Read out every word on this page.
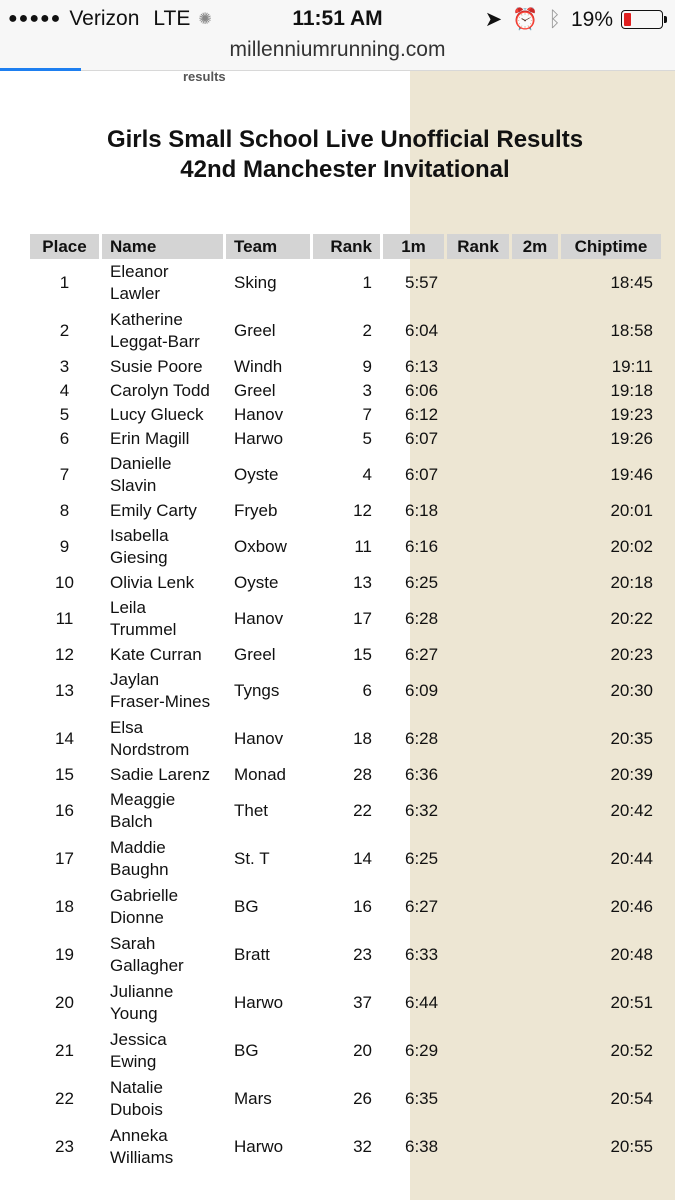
●●●●● Verizon LTE ✺	11:51 AM	➤ ⏰ ᛒ 19%
millenniumrunning.com
results
Girls Small School Live Unofficial Results
42nd Manchester Invitational
Place	Name	Team	Rank	1m	Rank	2m	Chiptime
1	Eleanor
Lawler	Sking	1	5:57			18:45
2	Katherine
Leggat-Barr	Greel	2	6:04			18:58
3	Susie Poore	Windh	9	6:13			19:11
4	Carolyn Todd	Greel	3	6:06			19:18
5	Lucy Glueck	Hanov	7	6:12			19:23
6	Erin Magill	Harwo	5	6:07			19:26
7	Danielle
Slavin	Oyste	4	6:07			19:46
8	Emily Carty	Fryeb	12	6:18			20:01
9	Isabella
Giesing	Oxbow	11	6:16			20:02
10	Olivia Lenk	Oyste	13	6:25			20:18
11	Leila
Trummel	Hanov	17	6:28			20:22
12	Kate Curran	Greel	15	6:27			20:23
13	Jaylan
Fraser-Mines	Tyngs	6	6:09			20:30
14	Elsa
Nordstrom	Hanov	18	6:28			20:35
15	Sadie Larenz	Monad	28	6:36			20:39
16	Meaggie
Balch	Thet	22	6:32			20:42
17	Maddie
Baughn	St. T	14	6:25			20:44
18	Gabrielle
Dionne	BG	16	6:27			20:46
19	Sarah
Gallagher	Bratt	23	6:33			20:48
20	Julianne
Young	Harwo	37	6:44			20:51
21	Jessica
Ewing	BG	20	6:29			20:52
22	Natalie
Dubois	Mars	26	6:35			20:54
23	Anneka
Williams	Harwo	32	6:38			20:55
